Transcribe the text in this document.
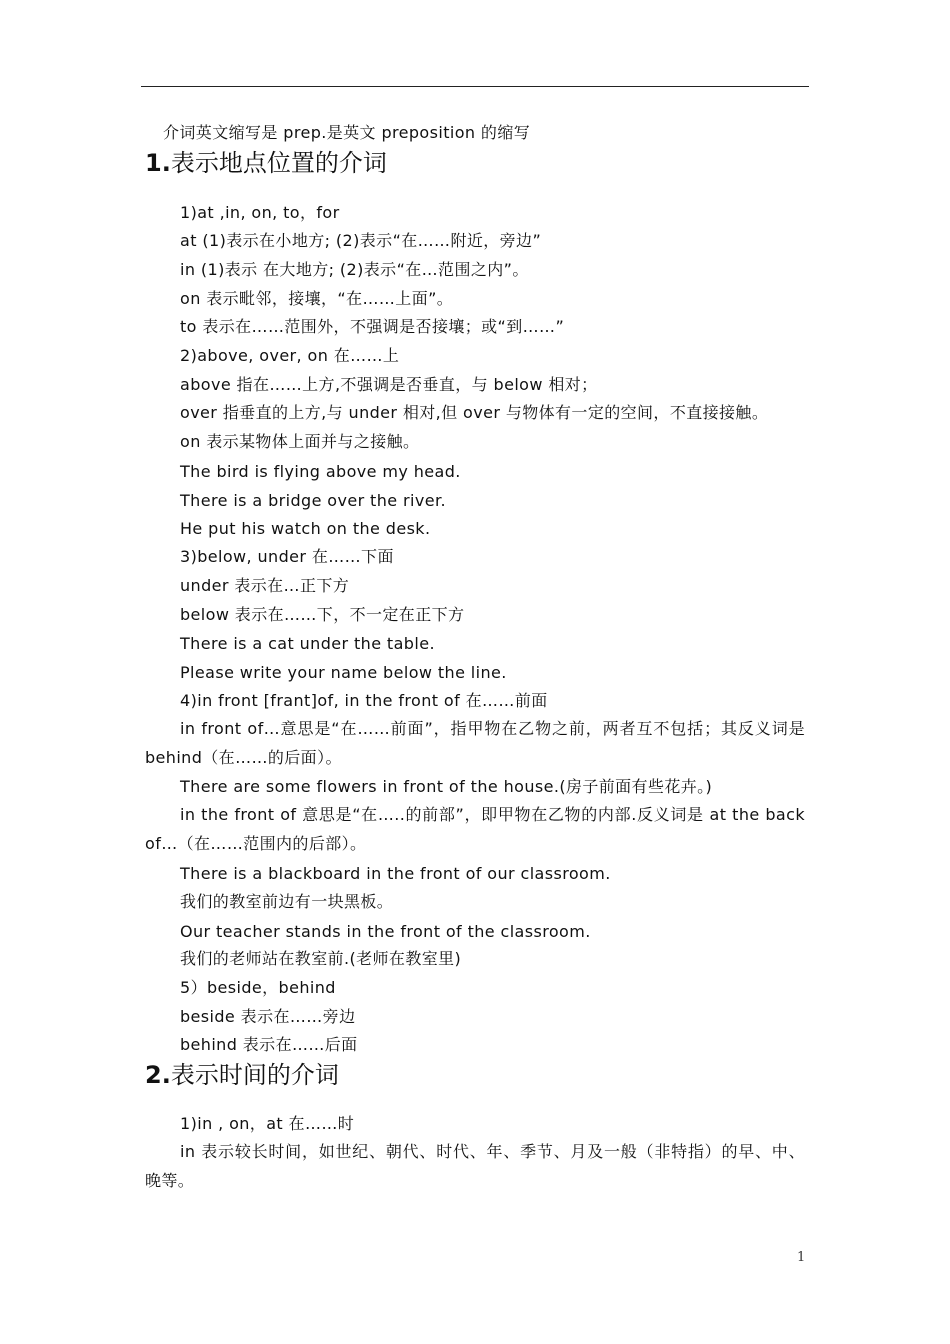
介词英文缩写是 prep.是英文 preposition 的缩写
1.表示地点位置的介词
1)at ,in, on, to，for
at (1)表示在小地方; (2)表示“在……附近，旁边”
in (1)表示 在大地方; (2)表示“在…范围之内”。
on 表示毗邻，接壤，“在……上面”。
to 表示在……范围外，不强调是否接壤；或“到……”
2)above, over, on 在……上
above 指在……上方,不强调是否垂直，与 below 相对；
over 指垂直的上方,与 under 相对,但 over 与物体有一定的空间，不直接接触。
on 表示某物体上面并与之接触。
The bird is flying above my head.
There is a bridge over the river.
He put his watch on the desk.
3)below, under 在……下面
under 表示在…正下方
below 表示在……下，不一定在正下方
There is a cat under the table.
Please write your name below the line.
4)in front [frant]of, in the front of 在……前面
in front of…意思是“在……前面”，指甲物在乙物之前，两者互不包括；其反义词是 behind（在……的后面）。
There are some flowers in front of the house.(房子前面有些花卉。)
in the front of 意思是“在…..的前部”，即甲物在乙物的内部.反义词是 at the back of…（在……范围内的后部）。
There is a blackboard in the front of our classroom.
我们的教室前边有一块黑板。
Our teacher stands in the front of the classroom.
我们的老师站在教室前.(老师在教室里)
5）beside，behind
beside 表示在……旁边
behind 表示在……后面
2.表示时间的介词
1)in , on，at 在……时
in 表示较长时间，如世纪、朝代、时代、年、季节、月及一般（非特指）的早、中、晚等。
1
